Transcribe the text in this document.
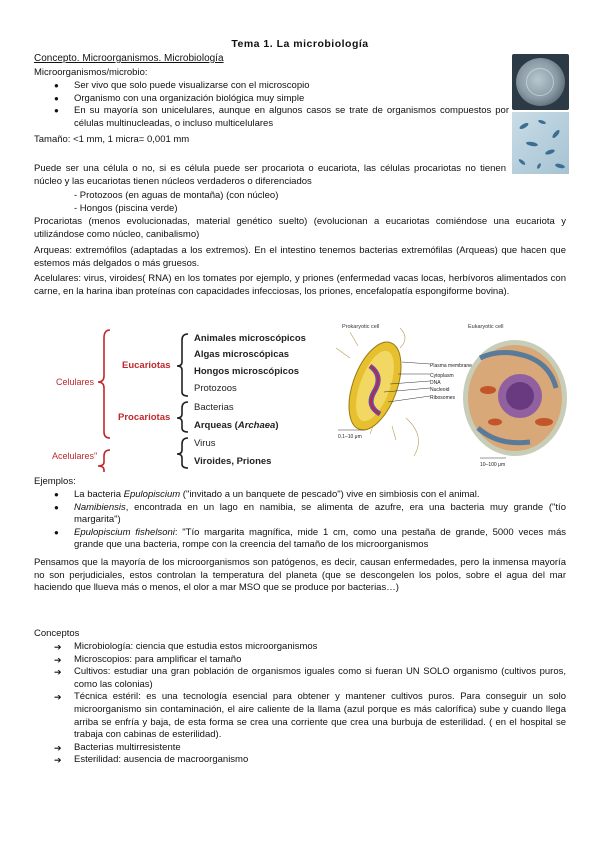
Tema 1. La microbiología
Concepto. Microorganismos. Microbiología
Microorganismos/microbio:
● Ser vivo que solo puede visualizarse con el microscopio
● Organismo con una organización biológica muy simple
● En su mayoría son unicelulares, aunque en algunos casos se trate de organismos compuestos por células multinucleadas, o incluso multicelulares
Tamaño: <1 mm, 1 micra= 0,001 mm
Puede ser una célula o no, si es célula puede ser procariota o eucariota, las células procariotas no tienen núcleo y las eucariotas tienen núcleos verdaderos o diferenciados
- Protozoos (en aguas de montaña) (con núcleo)
- Hongos (piscina verde)
Procariotas (menos evolucionadas, material genético suelto) (evolucionan a eucariotas comiéndose una eucariota y utilizándose como núcleo, canibalismo)
Arqueas: extremófilos (adaptadas a los extremos). En el intestino tenemos bacterias extremófilas (Arqueas) que hacen que estemos más delgados o más gruesos.
Acelulares: virus, viroides( RNA) en los tomates por ejemplo, y priones (enfermedad vacas locas, herbívoros alimentados con carne, en la harina iban proteínas con capacidades infecciosas, los priones, encefalopatía espongiforme bovina).
Celulares
Acelulares"
Eucariotas
Procariotas
Animales microscópicos
Algas microscópicas
Hongos microscópicos
Protozoos
Bacterias
Arqueas (Archaea)
Virus
Viroides, Priones
Prokaryotic cell	Eukaryotic cell
Plasma membrane
Cytoplasm
DNA
Nucleoid
Ribosomes
0.1–10 μm
10–100 μm
Ejemplos:
● La bacteria Epulopiscium ("invitado a un banquete de pescado") vive en simbiosis con el animal.
● Namibiensis, encontrada en un lago en namibia, se alimenta de azufre, era una bacteria muy grande ("tío margarita")
● Epulopiscium fishelsoni: "Tío margarita magnífica, mide 1 cm, como una pestaña de grande, 5000 veces más grande que una bacteria, rompe con la creencia del tamaño de los microorganismos
Pensamos que la mayoría de los microorganismos son patógenos, es decir, causan enfermedades, pero la inmensa mayoría no son perjudiciales, estos controlan la temperatura del planeta (que se descongelen los polos, sobre el agua del mar haciendo que llueva más o menos, el olor a mar MSO que se produce por bacterias…)
Conceptos
➔ Microbiología: ciencia que estudia estos microorganismos
➔ Microscopios: para amplificar el tamaño
➔ Cultivos: estudiar una gran población de organismos iguales como si fueran UN SOLO organismo (cultivos puros, como las colonias)
➔ Técnica estéril: es una tecnología esencial para obtener y mantener cultivos puros. Para conseguir un solo microorganismo sin contaminación, el aire caliente de la llama (azul porque es más calorífica) sube y cuando llega arriba se enfría y baja, de esta forma se crea una corriente que crea una burbuja de esterilidad. ( en el hospital se trabaja con cabinas de esterilidad).
➔ Bacterias multirresistente
➔ Esterilidad: ausencia de macroorganismo
